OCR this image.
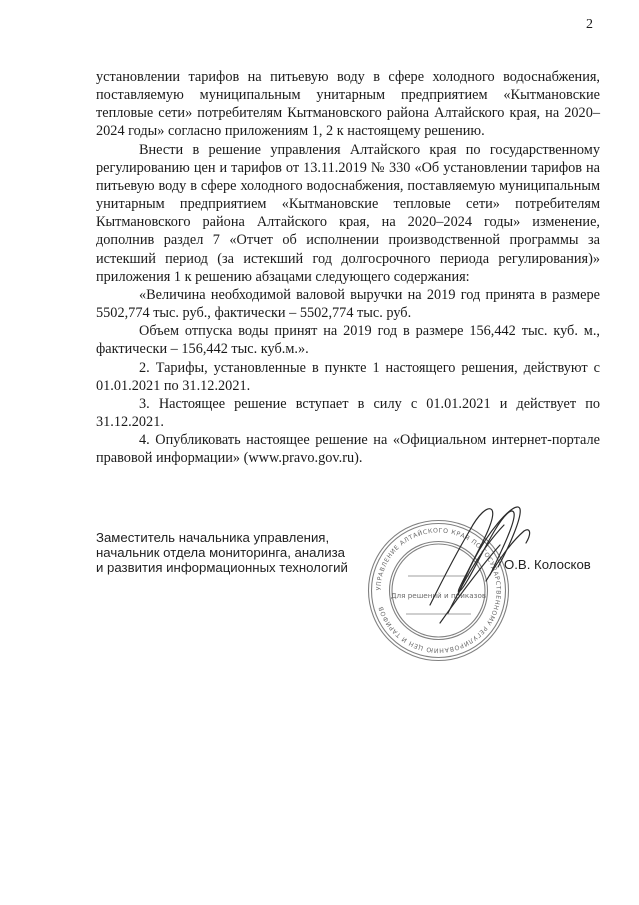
2

установлении тарифов на питьевую воду в сфере холодного водоснабжения, поставляемую муниципальным унитарным предприятием «Кытмановские тепловые сети» потребителям Кытмановского района Алтайского края, на 2020–2024 годы» согласно приложениям 1, 2 к настоящему решению.

Внести в решение управления Алтайского края по государственному регулированию цен и тарифов от 13.11.2019 № 330 «Об установлении тарифов на питьевую воду в сфере холодного водоснабжения, поставляемую муниципальным унитарным предприятием «Кытмановские тепловые сети» потребителям Кытмановского района Алтайского края, на 2020–2024 годы» изменение, дополнив раздел 7 «Отчет об исполнении производственной программы за истекший период (за истекший год долгосрочного периода регулирования)» приложения 1 к решению абзацами следующего содержания:

«Величина необходимой валовой выручки на 2019 год принята в размере 5502,774 тыс. руб., фактически – 5502,774 тыс. руб.

Объем отпуска воды принят на 2019 год в размере 156,442 тыс. куб. м., фактически – 156,442 тыс. куб.м.».

2. Тарифы, установленные в пункте 1 настоящего решения, действуют с 01.01.2021 по 31.12.2021.

3. Настоящее решение вступает в силу с 01.01.2021 и действует по 31.12.2021.

4. Опубликовать настоящее решение на «Официальном интернет-портале правовой информации» (www.pravo.gov.ru).

Заместитель начальника управления,
начальник отдела мониторинга, анализа
и развития информационных технологий
УПРАВЛЕНИЕ АЛТАЙСКОГО КРАЯ ПО ГОСУДАРСТВЕННОМУ РЕГУЛИРОВАНИЮ ЦЕН И ТАРИФОВ
Для решений и приказов
О.В. Колосков
